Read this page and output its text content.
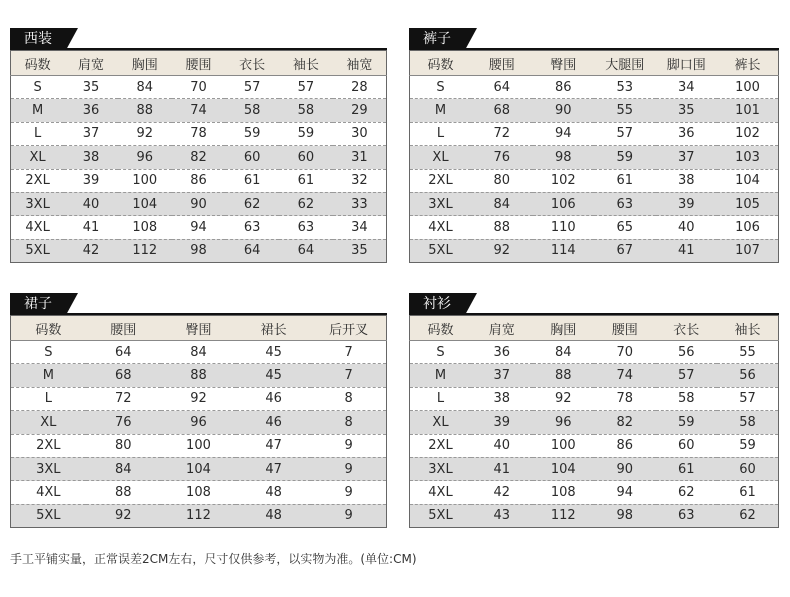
西装
码数	肩宽	胸围	腰围	衣长	袖长	袖宽
S	35	84	70	57	57	28
M	36	88	74	58	58	29
L	37	92	78	59	59	30
XL	38	96	82	60	60	31
2XL	39	100	86	61	61	32
3XL	40	104	90	62	62	33
4XL	41	108	94	63	63	34
5XL	42	112	98	64	64	35
裤子
码数	腰围	臀围	大腿围	脚口围	裤长
S	64	86	53	34	100
M	68	90	55	35	101
L	72	94	57	36	102
XL	76	98	59	37	103
2XL	80	102	61	38	104
3XL	84	106	63	39	105
4XL	88	110	65	40	106
5XL	92	114	67	41	107
裙子
码数	腰围	臀围	裙长	后开叉
S	64	84	45	7
M	68	88	45	7
L	72	92	46	8
XL	76	96	46	8
2XL	80	100	47	9
3XL	84	104	47	9
4XL	88	108	48	9
5XL	92	112	48	9
衬衫
码数	肩宽	胸围	腰围	衣长	袖长
S	36	84	70	56	55
M	37	88	74	57	56
L	38	92	78	58	57
XL	39	96	82	59	58
2XL	40	100	86	60	59
3XL	41	104	90	61	60
4XL	42	108	94	62	61
5XL	43	112	98	63	62
手工平铺实量，正常误差2CM左右，尺寸仅供参考，以实物为准。(单位:CM)
